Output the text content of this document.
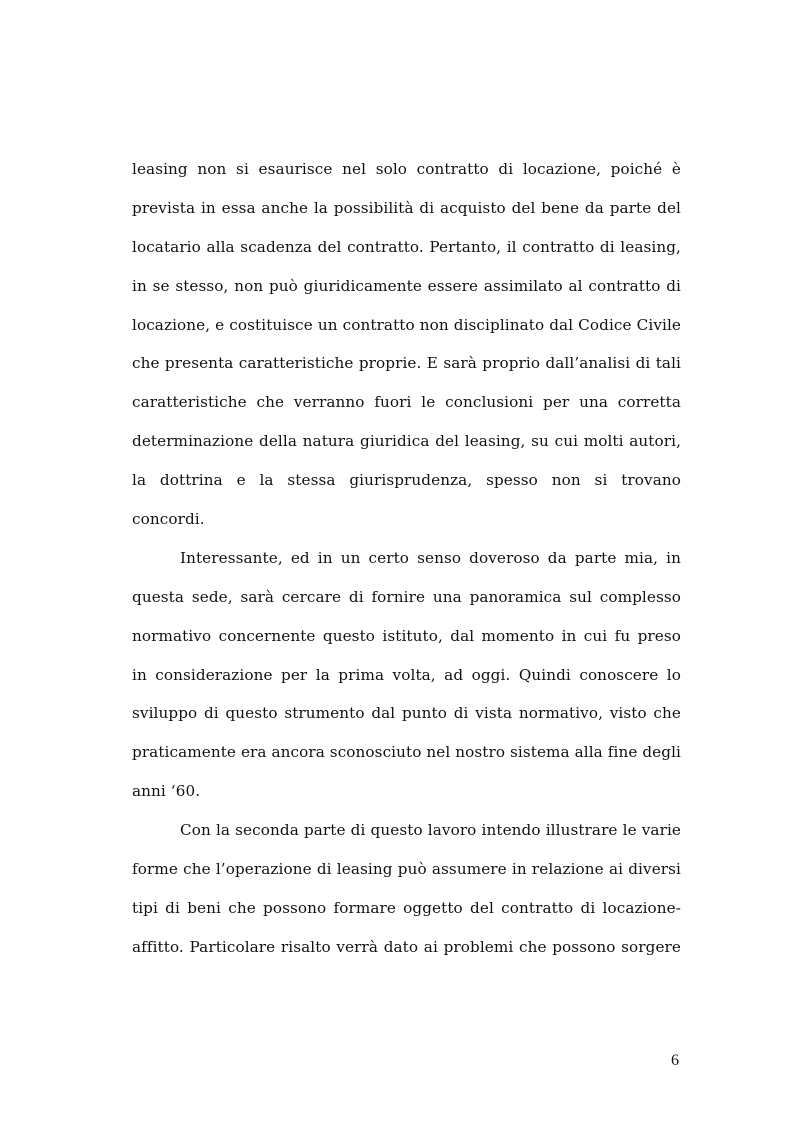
leasing non si esaurisce nel solo contratto di locazione, poiché è
prevista in essa anche la possibilità di acquisto del bene da parte del
locatario alla scadenza del contratto. Pertanto, il contratto di leasing,
in se stesso, non può giuridicamente essere assimilato al contratto di
locazione, e costituisce un contratto non disciplinato dal Codice Civile
che presenta caratteristiche proprie. E sarà proprio dall’analisi di tali
caratteristiche che verranno fuori le conclusioni per una corretta
determinazione della natura giuridica del leasing, su cui molti autori,
la dottrina e la stessa giurisprudenza, spesso non si trovano
concordi.
Interessante, ed in un certo senso doveroso da parte mia, in
questa sede, sarà cercare di fornire una panoramica sul complesso
normativo concernente questo istituto, dal momento in cui fu preso
in considerazione per la prima volta, ad oggi. Quindi conoscere lo
sviluppo di questo strumento dal punto di vista normativo, visto che
praticamente era ancora sconosciuto nel nostro sistema alla fine degli
anni ‘60.
Con la seconda parte di questo lavoro intendo illustrare le varie
forme che l’operazione di leasing può assumere in relazione ai diversi
tipi di beni che possono formare oggetto del contratto di locazione-
affitto. Particolare risalto verrà dato ai problemi che possono sorgere
6
